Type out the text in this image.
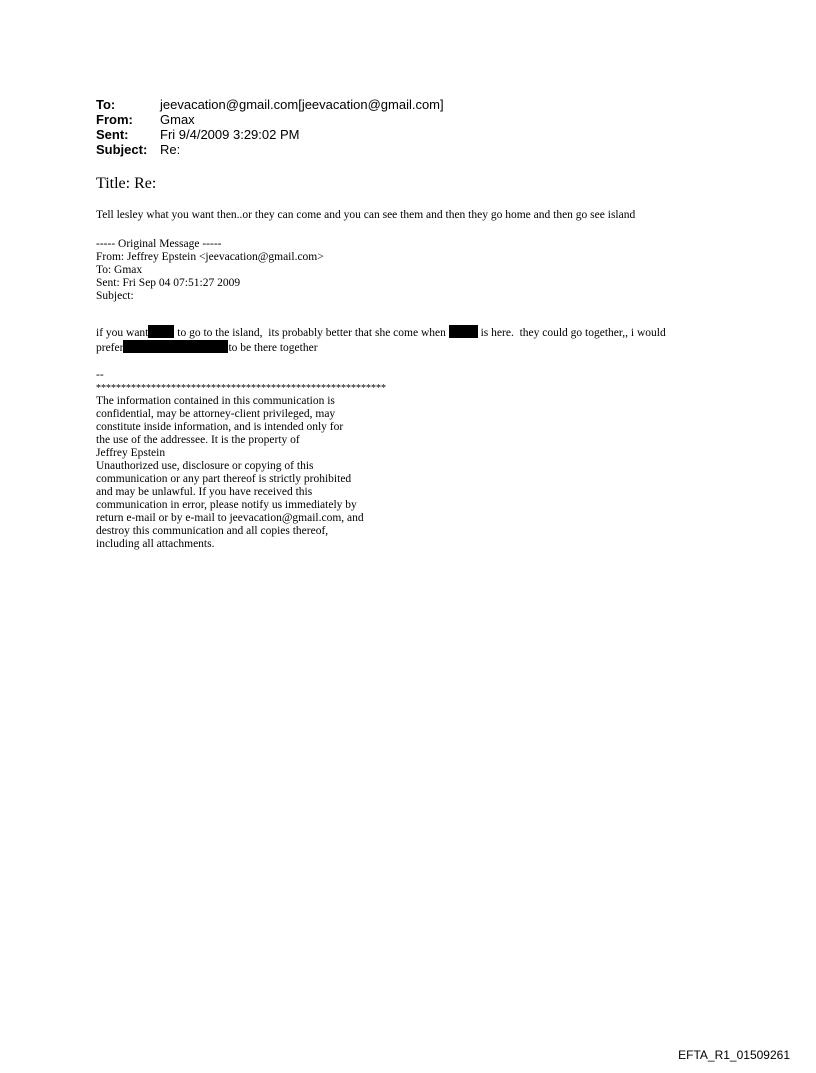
To:	jeevacation@gmail.com[jeevacation@gmail.com]
From:	Gmax
Sent:	Fri 9/4/2009 3:29:02 PM
Subject: Re:
Title: Re:
Tell lesley what you want then..or they can come and you can see them and then they go home and then go see island
----- Original Message -----
From: Jeffrey Epstein <jeevacation@gmail.com>
To: Gmax
Sent: Fri Sep 04 07:51:27 2009
Subject:
if you want to go to the island,  its probably better that she come when	is here.  they could go together,, i would
prefer	to be there together
--
**********************************************************
The information contained in this communication is
confidential, may be attorney-client privileged, may
constitute inside information, and is intended only for
the use of the addressee. It is the property of
Jeffrey Epstein
Unauthorized use, disclosure or copying of this
communication or any part thereof is strictly prohibited
and may be unlawful. If you have received this
communication in error, please notify us immediately by
return e-mail or by e-mail to jeevacation@gmail.com, and
destroy this communication and all copies thereof,
including all attachments.
EFTA_R1_01509261
